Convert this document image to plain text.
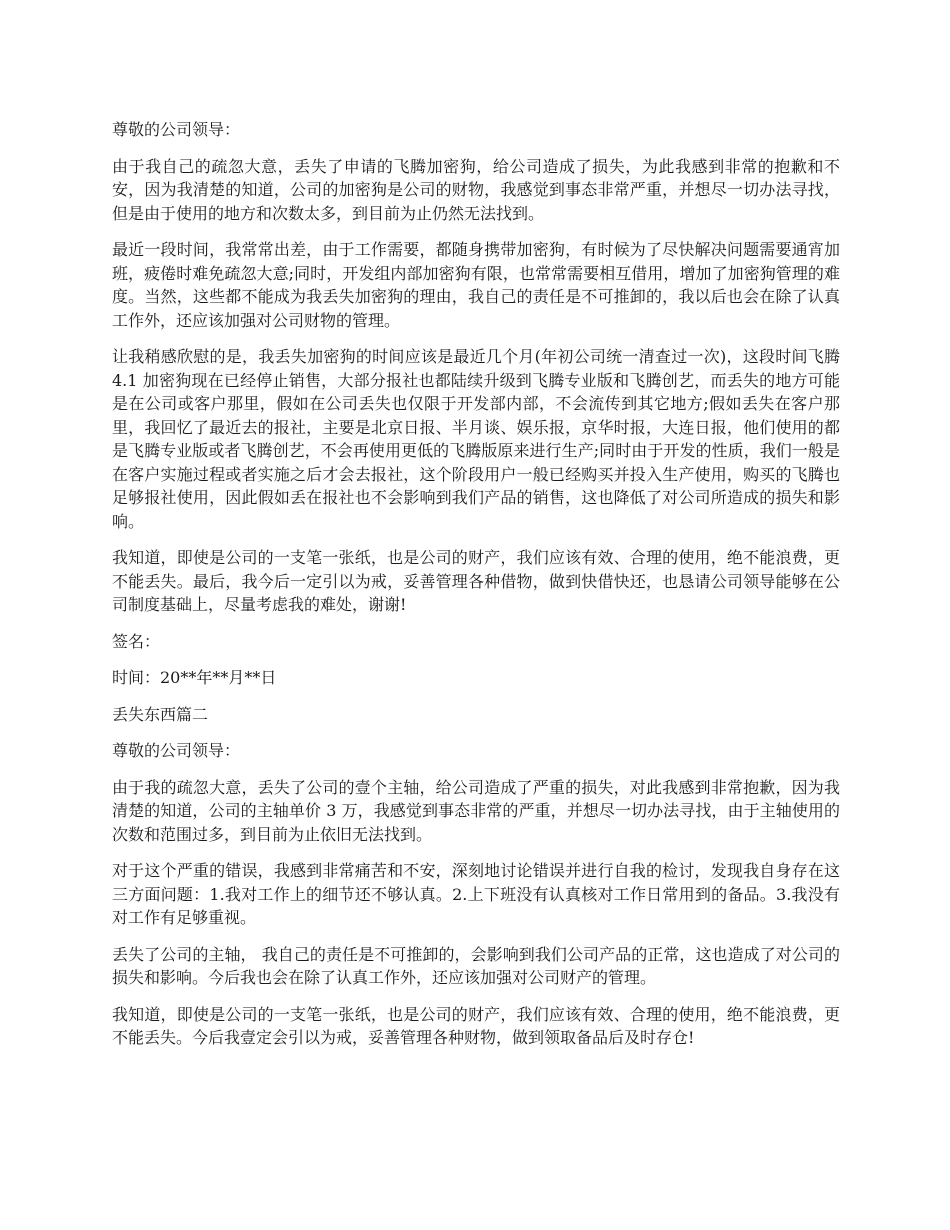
尊敬的公司领导：

由于我自己的疏忽大意，丢失了申请的飞腾加密狗，给公司造成了损失，为此我感到非常的抱歉和不安，因为我清楚的知道，公司的加密狗是公司的财物，我感觉到事态非常严重，并想尽一切办法寻找，但是由于使用的地方和次数太多，到目前为止仍然无法找到。

最近一段时间，我常常出差，由于工作需要，都随身携带加密狗，有时候为了尽快解决问题需要通宵加班，疲倦时难免疏忽大意;同时，开发组内部加密狗有限，也常常需要相互借用，增加了加密狗管理的难度。当然，这些都不能成为我丢失加密狗的理由，我自己的责任是不可推卸的，我以后也会在除了认真工作外，还应该加强对公司财物的管理。

让我稍感欣慰的是，我丢失加密狗的时间应该是最近几个月(年初公司统一清查过一次)，这段时间飞腾 4.1 加密狗现在已经停止销售，大部分报社也都陆续升级到飞腾专业版和飞腾创艺，而丢失的地方可能是在公司或客户那里，假如在公司丢失也仅限于开发部内部，不会流传到其它地方;假如丢失在客户那里，我回忆了最近去的报社，主要是北京日报、半月谈、娱乐报，京华时报，大连日报，他们使用的都是飞腾专业版或者飞腾创艺，不会再使用更低的飞腾版原来进行生产;同时由于开发的性质，我们一般是在客户实施过程或者实施之后才会去报社，这个阶段用户一般已经购买并投入生产使用，购买的飞腾也足够报社使用，因此假如丢在报社也不会影响到我们产品的销售，这也降低了对公司所造成的损失和影响。

我知道，即使是公司的一支笔一张纸，也是公司的财产，我们应该有效、合理的使用，绝不能浪费，更不能丢失。最后，我今后一定引以为戒，妥善管理各种借物，做到快借快还，也恳请公司领导能够在公司制度基础上，尽量考虑我的难处，谢谢!

签名：

时间：20**年**月**日

丢失东西篇二

尊敬的公司领导：

由于我的疏忽大意，丢失了公司的壹个主轴，给公司造成了严重的损失，对此我感到非常抱歉，因为我清楚的知道，公司的主轴单价 3 万，我感觉到事态非常的严重，并想尽一切办法寻找，由于主轴使用的次数和范围过多，到目前为止依旧无法找到。

对于这个严重的错误，我感到非常痛苦和不安，深刻地讨论错误并进行自我的检讨，发现我自身存在这三方面问题：1.我对工作上的细节还不够认真。2.上下班没有认真核对工作日常用到的备品。3.我没有对工作有足够重视。

丢失了公司的主轴， 我自己的责任是不可推卸的，会影响到我们公司产品的正常，这也造成了对公司的损失和影响。今后我也会在除了认真工作外，还应该加强对公司财产的管理。

我知道，即使是公司的一支笔一张纸，也是公司的财产，我们应该有效、合理的使用，绝不能浪费，更不能丢失。今后我壹定会引以为戒，妥善管理各种财物，做到领取备品后及时存仓!
